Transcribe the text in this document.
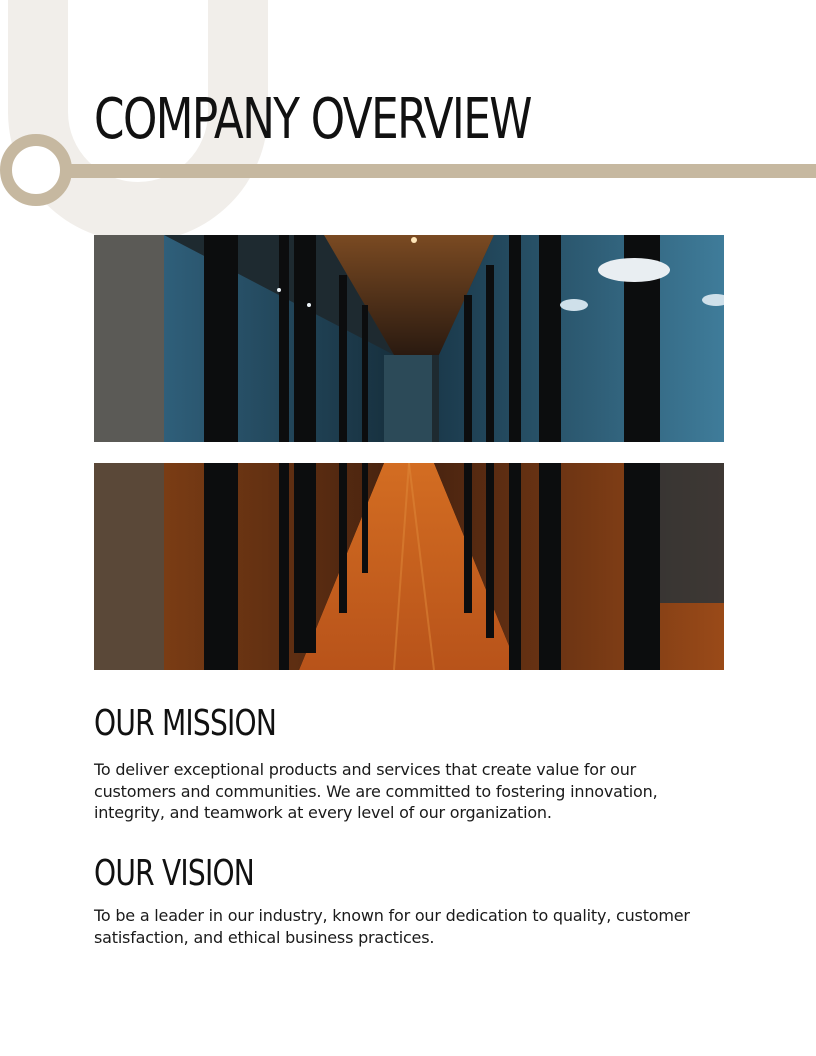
COMPANY OVERVIEW
OUR MISSION

To deliver exceptional products and services that create value for our customers and communities. We are committed to fostering innovation, integrity, and teamwork at every level of our organization.

OUR VISION

To be a leader in our industry, known for our dedication to quality, customer satisfaction, and ethical business practices.
